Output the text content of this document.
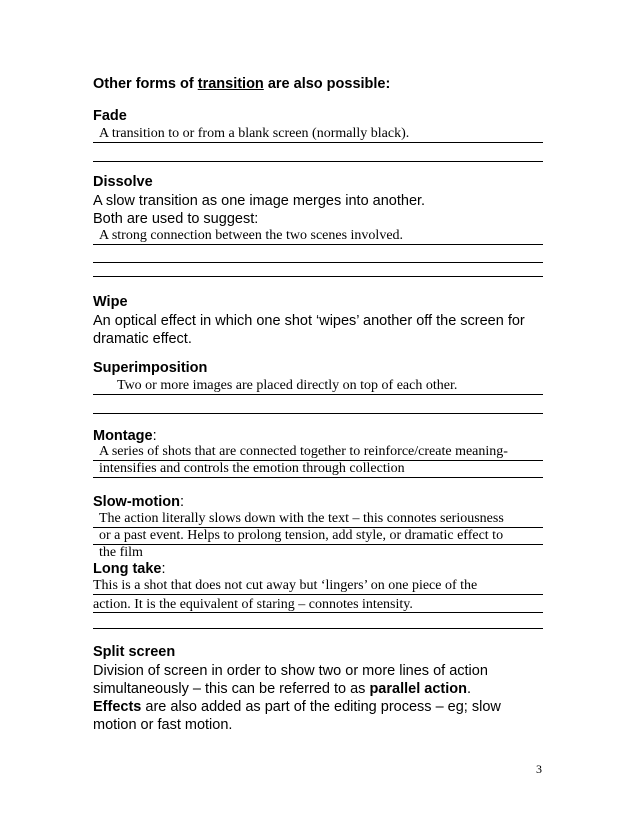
Other forms of transition are also possible:
Fade
A transition to or from a blank screen (normally black).
Dissolve
A slow transition as one image merges into another.
Both are used to suggest:
A strong connection between the two scenes involved.
Wipe
An optical effect in which one shot ‘wipes’ another off the screen for
dramatic effect.
Superimposition
Two or more images are placed directly on top of each other.
Montage:
A series of shots that are connected together to reinforce/create meaning-
intensifies and controls the emotion through collection
Slow-motion:
The action literally slows down with the text – this connotes seriousness
or a past event. Helps to prolong tension, add style, or dramatic effect to
the film
Long take:
This is a shot that does not cut away but ‘lingers’ on one piece of the
action. It is the equivalent of staring – connotes intensity.
Split screen
Division of screen in order to show two or more lines of action
simultaneously – this can be referred to as parallel action.
Effects are also added as part of the editing process – eg; slow
motion or fast motion.
3
